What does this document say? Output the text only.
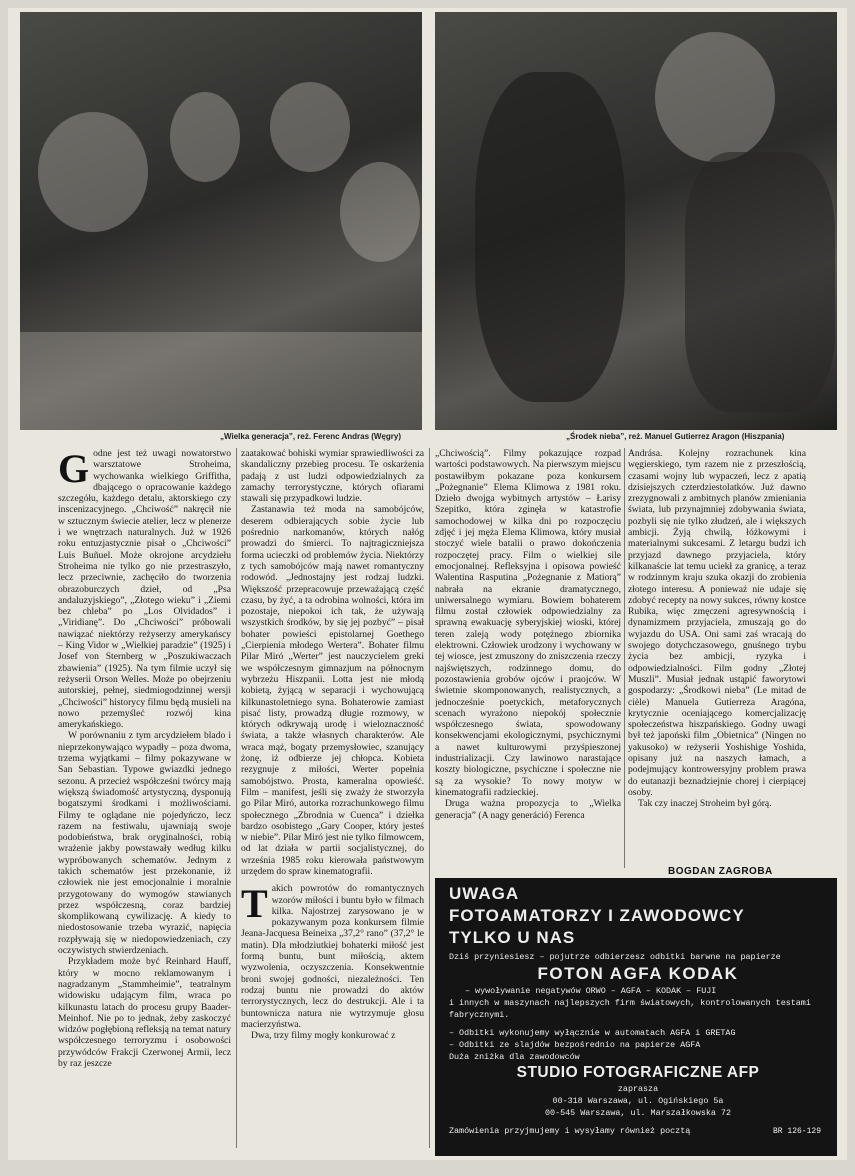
„Wielka generacja”, reż. Ferenc Andras (Węgry)	„Środek nieba”, reż. Manuel Gutierrez Aragon (Hiszpania)
G odne jest też uwagi nowatorstwo warsztatowe Stroheima, wychowanka wielkiego Griffitha, dbającego o opracowanie każdego szczegółu, każdego detalu, aktorskiego czy inscenizacyjnego. „Chciwość” nakręcił nie w sztucznym świecie atelier, lecz w plenerze i we wnętrzach naturalnych. Już w 1926 roku entuzjastycznie pisał o „Chciwości” Luis Buñuel. Może okrojone arcydziełu Stroheima nie tylko go nie przestraszyło, lecz przeciwnie, zachęciło do tworzenia obrazoburczych dzieł, od „Psa andaluzyjskiego”, „Złotego wieku” i „Ziemi bez chleba” po „Los Olvidados” i „Viridianę”. Do „Chciwości” próbowali nawiązać niektórzy reżyserzy amerykańscy – King Vidor w „Wielkiej paradzie” (1925) i Josef von Sternberg w „Poszukiwaczach zbawienia” (1925). Na tym filmie uczył się reżyserii Orson Welles. Może po obejrzeniu autorskiej, pełnej, siedmiogodzinnej wersji „Chciwości” historycy filmu będą musieli na nowo przemyśleć rozwój kina amerykańskiego.

W porównaniu z tym arcydziełem blado i nieprzekonywająco wypadły – poza dwoma, trzema wyjątkami – filmy pokazywane w San Sebastian. Typowe gwiazdki jednego sezonu. A przecież współcześni twórcy mają większą świadomość artystyczną, dysponują bogatszymi środkami i możliwościami. Filmy te oglądane nie pojedyńczo, lecz razem na festiwalu, ujawniają swoje podobieństwa, brak oryginalności, robią wrażenie jakby powstawały według kilku wypróbowanych schematów. Jednym z takich schematów jest przekonanie, iż człowiek nie jest emocjonalnie i moralnie przygotowany do wymogów stawianych przez współczesną, coraz bardziej skomplikowaną cywilizację. A kiedy to niedostosowanie trzeba wyrazić, napięcia rozpływają się w niedopowiedzeniach, czy oczywistych stwierdzeniach.

Przykładem może być Reinhard Hauff, który w mocno reklamowanym i nagradzanym „Stammheimie”, teatralnym widowisku udającym film, wraca po kilkunastu latach do procesu grupy Baader-Meinhof. Nie po to jednak, żeby zaskoczyć widzów pogłębioną refleksją na temat natury współczesnego terroryzmu i osobowości przywódców Frakcji Czerwonej Armii, lecz by raz jeszcze

zaatakować bohiski wymiar sprawiedliwości za skandaliczny przebieg procesu. Te oskarżenia padają z ust ludzi odpowiedzialnych za zamachy terrorystyczne, których ofiarami stawali się przypadkowi ludzie.

Zastanawia też moda na samobójców, deserem odbierających sobie życie lub pośrednio narkomanów, których nałóg prowadzi do śmierci. To najtragiczniejsza forma ucieczki od problemów życia. Niektórzy z tych samobójców mają nawet romantyczny rodowód. „Jednostajny jest rodzaj ludzki. Większość przepracowuje przeważającą część czasu, by żyć, a ta odrobina wolności, która im pozostaje, niepokoi ich tak, że używają wszystkich środków, by się jej pozbyć” – pisał bohater powieści epistolarnej Goethego „Cierpienia młodego Wertera”. Bohater filmu Pilar Miró „Werter” jest nauczycielem greki we współczesnym gimnazjum na północnym wybrzeżu Hiszpanii. Lotta jest nie młodą kobietą, żyjącą w separacji i wychowującą kilkunastoletniego syna. Bohaterowie zamiast pisać listy, prowadzą długie rozmowy, w których odkrywają urodę i wieloznaczność świata, a także własnych charakterów. Ale wraca mąż, bogaty przemysłowiec, szanujący żonę, iż odbierze jej chłopca. Kobieta rezygnuje z miłości, Werter popełnia samobójstwo. Prosta, kameralna opowieść. Film – manifest, jeśli się zważy że stworzyła go Pilar Miró, autorka rozrachunkowego filmu społecznego „Zbrodnia w Cuenca” i dziełka bardzo osobistego „Gary Cooper, który jesteś w niebie”. Pilar Miró jest nie tylko filmowcem, od lat działa w partii socjalistycznej, do września 1985 roku kierowała państwowym urzędem do spraw kinematografii.

T akich powrotów do romantycznych wzorów miłości i buntu było w filmach kilka. Najostrzej zarysowano je w pokazywanym poza konkursem filmie Jeana-Jacquesa Beineixa „37,2° rano” (37,2° le matin). Dla młodziutkiej bohaterki miłość jest formą buntu, bunt miłością, aktem wyzwolenia, oczyszczenia. Konsekwentnie broni swojej godności, niezależności. Ten rodzaj buntu nie prowadzi do aktów terrorystycznych, lecz do destrukcji. Ale i ta buntownicza natura nie wytrzymuje głosu macierzyństwa.

Dwa, trzy filmy mogły konkurować z

„Chciwością”. Filmy pokazujące rozpad wartości podstawowych. Na pierwszym miejscu postawiłbym pokazane poza konkursem „Pożegnanie” Elema Klimowa z 1981 roku. Dzieło dwojga wybitnych artystów – Łarisy Szepitko, która zginęła w katastrofie samochodowej w kilka dni po rozpoczęciu zdjęć i jej męża Elema Klimowa, który musiał stoczyć wiele batalii o prawo dokończenia rozpoczętej pracy. Film o wielkiej sile emocjonalnej. Refleksyjna i opisowa powieść Walentina Rasputina „Pożegnanie z Matiorą” nabrała na ekranie dramatycznego, uniwersalnego wymiaru. Bowiem bohaterem filmu został człowiek odpowiedzialny za sprawną ewakuację syberyjskiej wioski, której teren zaleją wody potężnego zbiornika elektrowni. Człowiek urodzony i wychowany w tej wiosce, jest zmuszony do zniszczenia rzeczy najświętszych, rodzinnego domu, do pozostawienia grobów ojców i praojców. W świetnie skomponowanych, realistycznych, a jednocześnie poetyckich, metaforycznych scenach wyrażono niepokój społecznie współczesnego świata, spowodowany konsekwencjami ekologicznymi, psychicznymi a nawet kulturowymi przyśpieszonej industrializacji. Czy lawinowo narastające koszty biologiczne, psychiczne i społeczne nie są za wysokie? To nowy motyw w kinematografii radzieckiej.

Druga ważna propozycja to „Wielka generacja” (A nagy generáció) Ferenca

Andrása. Kolejny rozrachunek kina węgierskiego, tym razem nie z przeszłością, czasami wojny lub wypaczeń, lecz z apatią dzisiejszych czterdziestolatków. Już dawno zrezygnowali z ambitnych planów zmieniania świata, lub przynajmniej zdobywania świata, pozbyli się nie tylko złudzeń, ale i większych ambicji. Żyją chwilą, łóżkowymi i materialnymi sukcesami. Z letargu budzi ich przyjazd dawnego przyjaciela, który kilkanaście lat temu uciekł za granicę, a teraz w rodzinnym kraju szuka okazji do zrobienia złotego interesu. A ponieważ nie udaje się zdobyć recepty na nowy sukces, równy kostce Rubika, więc zmęczeni agresywnością i dynamizmem przyjaciela, zmuszają go do wyjazdu do USA. Oni sami zaś wracają do swojego dotychczasowego, gnuśnego trybu życia bez ambicji, ryzyka i odpowiedzialności. Film godny „Złotej Muszli”. Musiał jednak ustąpić faworytowi gospodarzy: „Środkowi nieba” (Le mitad de cièle) Manuela Gutierreza Aragóna, krytycznie oceniającego komercjalizację społeczeństwa hiszpańskiego. Godny uwagi był też japoński film „Obietnica” (Ningen no yakusoko) w reżyserii Yoshishige Yoshida, opisany już na naszych łamach, a podejmujący kontrowersyjny problem prawa do eutanazji beznadziejnie chorej i cierpiącej osoby.

Tak czy inaczej Stroheim był górą.

BOGDAN ZAGROBA
UWAGA
FOTOAMATORZY I ZAWODOWCY
TYLKO U NAS
Dziś przyniesiesz – pojutrze odbierzesz odbitki barwne na papierze
FOTON AGFA KODAK
– wywoływanie negatywów ORWO – AGFA – KODAK – FUJI
i innych w maszynach najlepszych firm światowych, kontrolowanych testami
fabrycznymi.
– Odbitki wykonujemy wyłącznie w automatach AGFA i GRETAG
– Odbitki ze slajdów bezpośrednio na papierze AGFA
Duża zniżka dla zawodowców
STUDIO FOTOGRAFICZNE AFP
zaprasza
00-318 Warszawa, ul. Ogińskiego 5a
00-545 Warszawa, ul. Marszałkowska 72
Zamówienia przyjmujemy i wysyłamy również pocztą	BR 126-129
